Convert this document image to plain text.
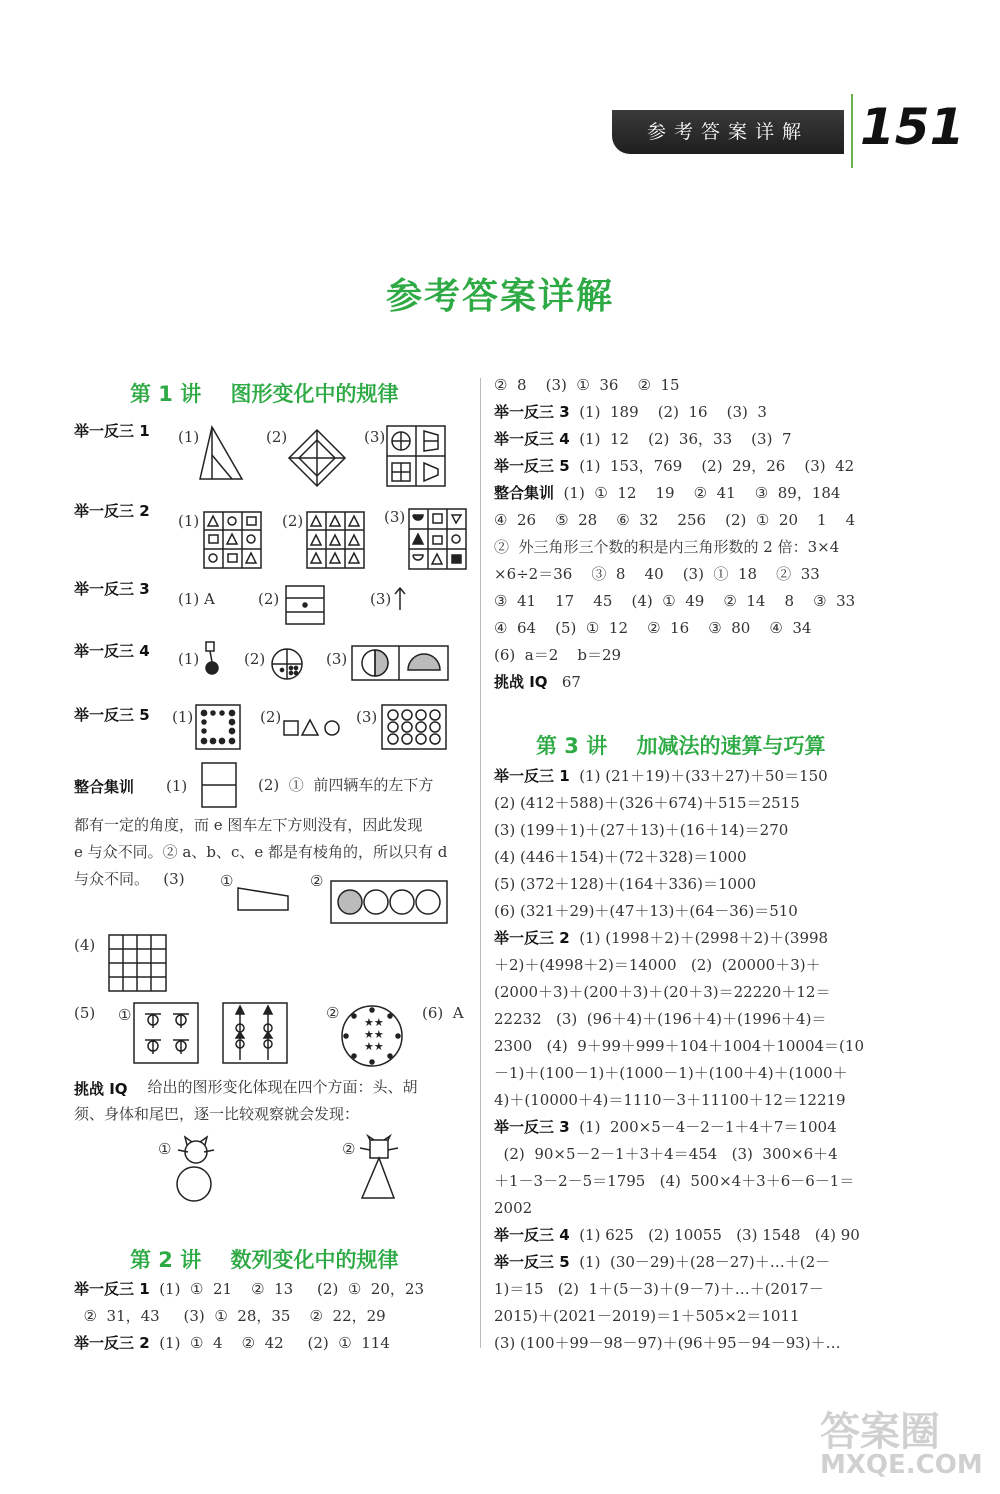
参考答案详解	151
参考答案详解
第 1 讲    图形变化中的规律
举一反三 1 (1)	(2)	(3)
举一反三 2
(1)	(2)	(3)
举一反三 3
(1) A	(2)	(3)
举一反三 4 (1)	(2)	(3)
举一反三 5 (1)	(2)	(3)
整合集训 (1)	(2)  ①  前四辆车的左下方
都有一定的角度，而 e 图车左下方则没有，因此发现
e 与众不同。② a、b、c、e 都是有棱角的，所以只有 d
与众不同。   (3) ①	②
(4)
(5) ①	②
★★
★★
★★
(6)  A
挑战 IQ 给出的图形变化体现在四个方面：头、胡
须、身体和尾巴，逐一比较观察就会发现：
①	②
第 2 讲    数列变化中的规律
举一反三 1  (1)  ①  21    ②  13     (2)  ①  20，23
②  31，43     (3)  ①  28，35    ②  22，29
举一反三 2  (1)  ①  4    ②  42     (2)  ①  114
②  8    (3)  ①  36    ②  15
举一反三 3  (1)  189    (2)  16    (3)  3
举一反三 4  (1)  12    (2)  36，33    (3)  7
举一反三 5  (1)  153，769    (2)  29，26    (3)  42
整合集训  (1)  ①  12    19    ②  41    ③  89，184
④  26    ⑤  28    ⑥  32    256    (2)  ①  20    1    4
②  外三角形三个数的积是内三角形数的 2 倍：3×4
×6÷2＝36    ③  8    40    (3)  ①  18    ②  33
③  41    17    45    (4)  ①  49    ②  14    8    ③  33
④  64    (5)  ①  12    ②  16    ③  80    ④  34
(6)  a＝2    b＝29
挑战 IQ   67
第 3 讲    加减法的速算与巧算
举一反三 1  (1) (21＋19)＋(33＋27)＋50＝150
(2) (412＋588)＋(326＋674)＋515＝2515
(3) (199＋1)＋(27＋13)＋(16＋14)＝270
(4) (446＋154)＋(72＋328)＝1000
(5) (372＋128)＋(164＋336)＝1000
(6) (321＋29)＋(47＋13)＋(64－36)＝510
举一反三 2  (1) (1998＋2)＋(2998＋2)＋(3998
＋2)＋(4998＋2)＝14000   (2)  (20000＋3)＋
(2000＋3)＋(200＋3)＋(20＋3)＝22220＋12＝
22232   (3)  (96＋4)＋(196＋4)＋(1996＋4)＝
2300   (4)  9＋99＋999＋104＋1004＋10004＝(10
－1)＋(100－1)＋(1000－1)＋(100＋4)＋(1000＋
4)＋(10000＋4)＝1110－3＋11100＋12＝12219
举一反三 3  (1)  200×5－4－2－1＋4＋7＝1004
(2)  90×5－2－1＋3＋4＝454   (3)  300×6＋4
＋1－3－2－5＝1795   (4)  500×4＋3＋6－6－1＝
2002
举一反三 4  (1) 625   (2) 10055   (3) 1548   (4) 90
举一反三 5  (1)  (30－29)＋(28－27)＋…＋(2－
1)＝15   (2)  1＋(5－3)＋(9－7)＋…＋(2017－
2015)＋(2021－2019)＝1＋505×2＝1011
(3) (100＋99－98－97)＋(96＋95－94－93)＋…
答案圈
MXQE.COM
